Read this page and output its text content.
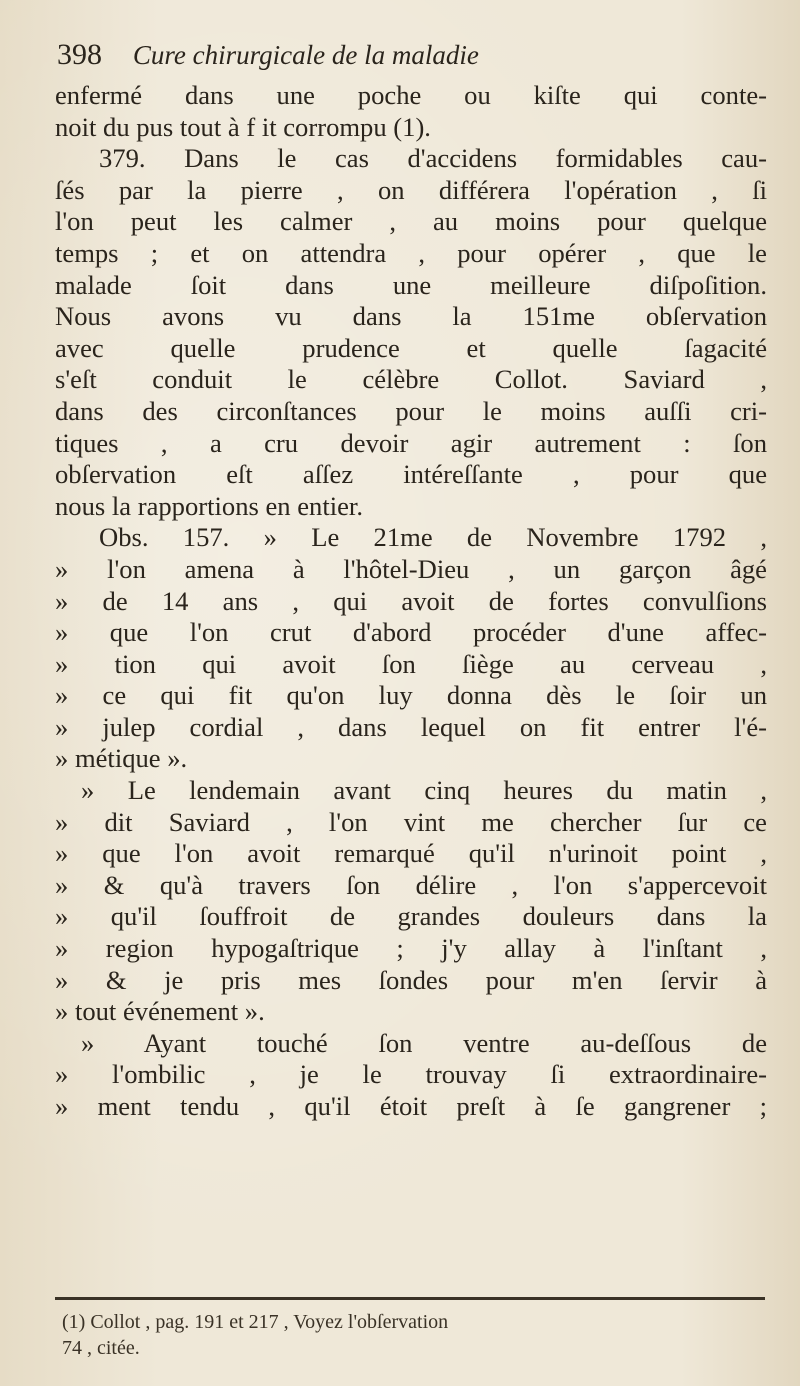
398 Cure chirurgicale de la maladie
enfermé dans une poche ou kiſte qui conte-
noit du pus tout à f it corrompu (1).
379. Dans le cas d'accidens formidables cau-
ſés par la pierre , on différera l'opération , ſi
l'on peut les calmer , au moins pour quelque
temps ; et on attendra , pour opérer , que le
malade ſoit dans une meilleure diſpoſition.
Nous avons vu dans la 151me obſervation
avec quelle prudence et quelle ſagacité
s'eſt conduit le célèbre Collot. Saviard ,
dans des circonſtances pour le moins auſſi cri-
tiques , a cru devoir agir autrement : ſon
obſervation eſt aſſez intéreſſante , pour que
nous la rapportions en entier.
Obs. 157. » Le 21me de Novembre 1792 ,
» l'on amena à l'hôtel-Dieu , un garçon âgé
» de 14 ans , qui avoit de fortes convulſions
» que l'on crut d'abord procéder d'une affec-
» tion qui avoit ſon ſiège au cerveau ,
» ce qui fit qu'on luy donna dès le ſoir un
» julep cordial , dans lequel on fit entrer l'é-
» métique ».
» Le lendemain avant cinq heures du matin ,
» dit Saviard , l'on vint me chercher ſur ce
» que l'on avoit remarqué qu'il n'urinoit point ,
» & qu'à travers ſon délire , l'on s'appercevoit
» qu'il ſouffroit de grandes douleurs dans la
» region hypogaſtrique ; j'y allay à l'inſtant ,
» & je pris mes ſondes pour m'en ſervir à
» tout événement ».
» Ayant touché ſon ventre au-deſſous de
» l'ombilic , je le trouvay ſi extraordinaire-
» ment tendu , qu'il étoit preſt à ſe gangrener ;
(1) Collot , pag. 191 et 217 , Voyez l'obſervation
74 , citée.
